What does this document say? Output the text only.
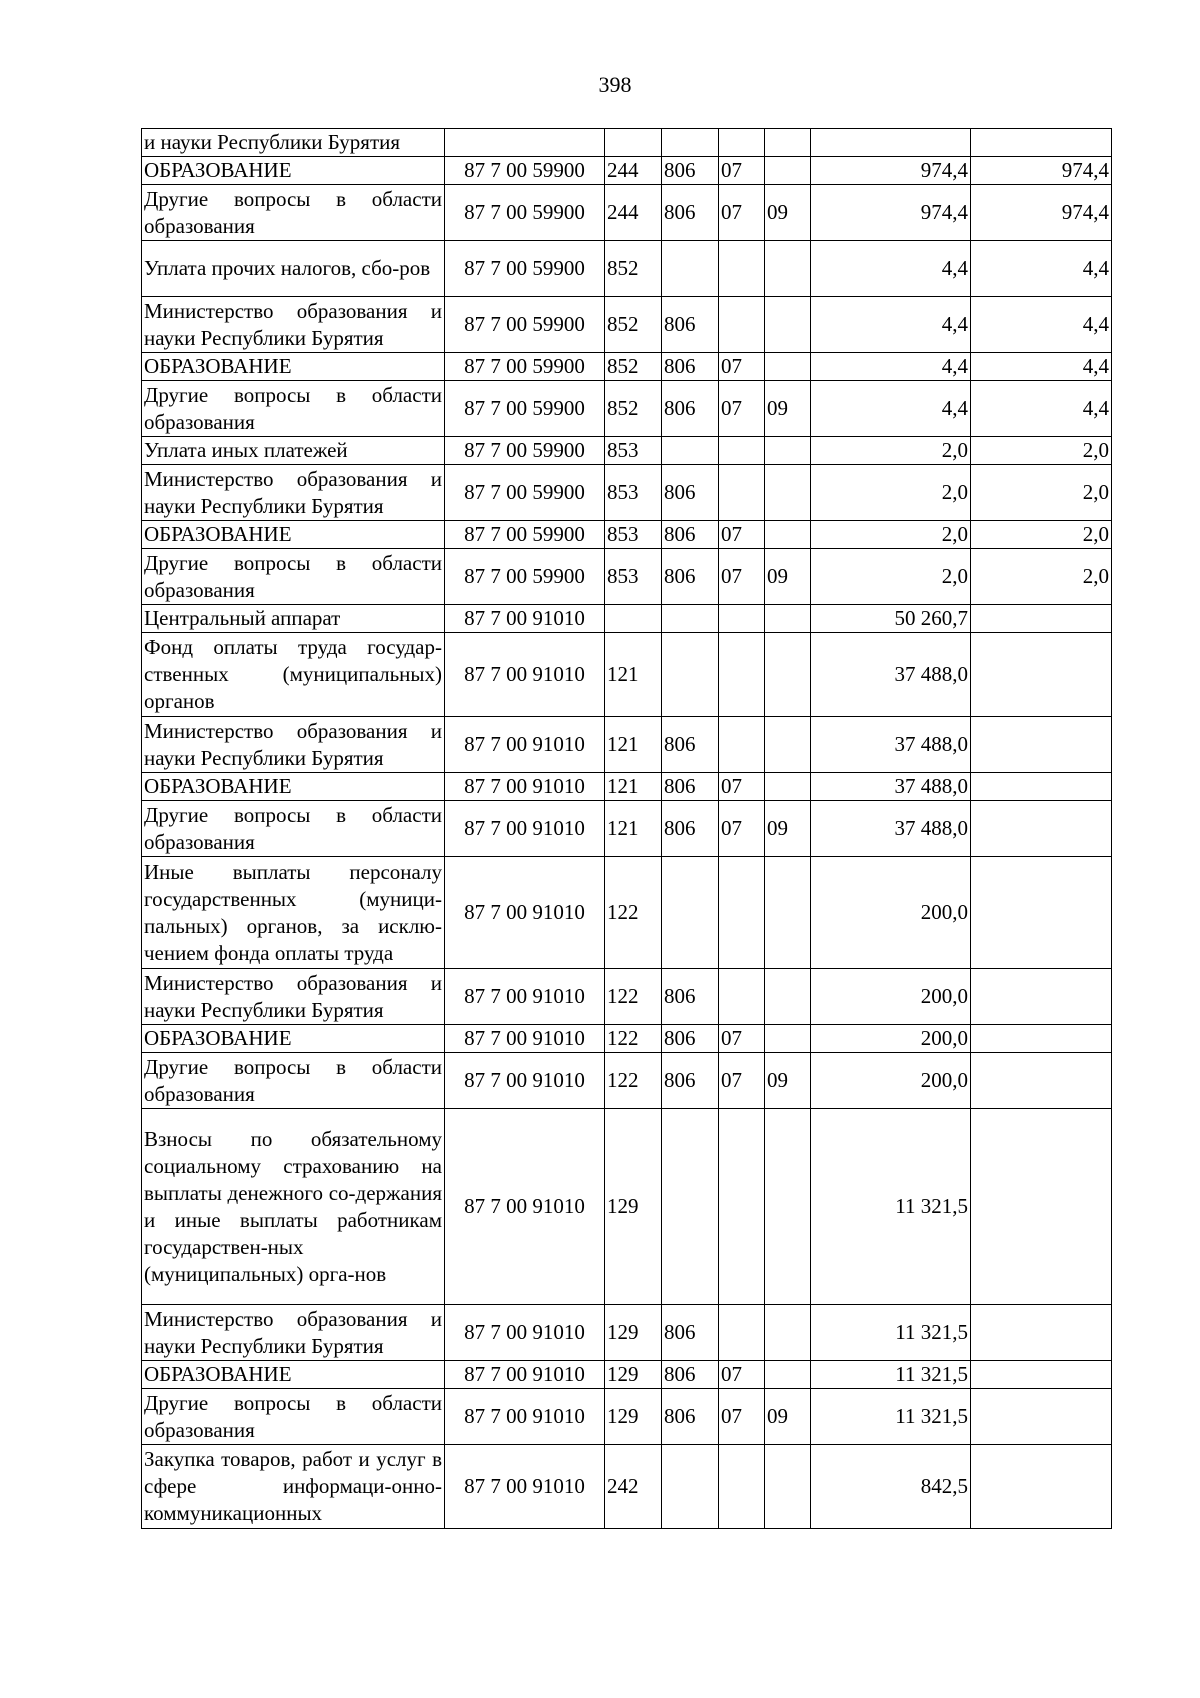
398
и науки Республики Бурятия							
ОБРАЗОВАНИЕ	87 7 00 59900	244	806	07		974,4	974,4
Другие вопросы в области образования	87 7 00 59900	244	806	07	09	974,4	974,4
Уплата прочих налогов, сбо-ров	87 7 00 59900	852				4,4	4,4
Министерство образования и науки Республики Бурятия	87 7 00 59900	852	806			4,4	4,4
ОБРАЗОВАНИЕ	87 7 00 59900	852	806	07		4,4	4,4
Другие вопросы в области образования	87 7 00 59900	852	806	07	09	4,4	4,4
Уплата иных платежей	87 7 00 59900	853				2,0	2,0
Министерство образования и науки Республики Бурятия	87 7 00 59900	853	806			2,0	2,0
ОБРАЗОВАНИЕ	87 7 00 59900	853	806	07		2,0	2,0
Другие вопросы в области образования	87 7 00 59900	853	806	07	09	2,0	2,0
Центральный аппарат	87 7 00 91010					50 260,7	
Фонд оплаты труда государ-ственных (муниципальных) органов	87 7 00 91010	121				37 488,0	
Министерство образования и науки Республики Бурятия	87 7 00 91010	121	806			37 488,0	
ОБРАЗОВАНИЕ	87 7 00 91010	121	806	07		37 488,0	
Другие вопросы в области образования	87 7 00 91010	121	806	07	09	37 488,0	
Иные выплаты персоналу государственных (муници-пальных) органов, за исклю-чением фонда оплаты труда	87 7 00 91010	122				200,0	
Министерство образования и науки Республики Бурятия	87 7 00 91010	122	806			200,0	
ОБРАЗОВАНИЕ	87 7 00 91010	122	806	07		200,0	
Другие вопросы в области образования	87 7 00 91010	122	806	07	09	200,0	
Взносы по обязательному социальному страхованию на выплаты денежного со-держания и иные выплаты работникам государствен-ных (муниципальных) орга-нов	87 7 00 91010	129				11 321,5	
Министерство образования и науки Республики Бурятия	87 7 00 91010	129	806			11 321,5	
ОБРАЗОВАНИЕ	87 7 00 91010	129	806	07		11 321,5	
Другие вопросы в области образования	87 7 00 91010	129	806	07	09	11 321,5	
Закупка товаров, работ и услуг в сфере информаци-онно-коммуникационных	87 7 00 91010	242				842,5	
